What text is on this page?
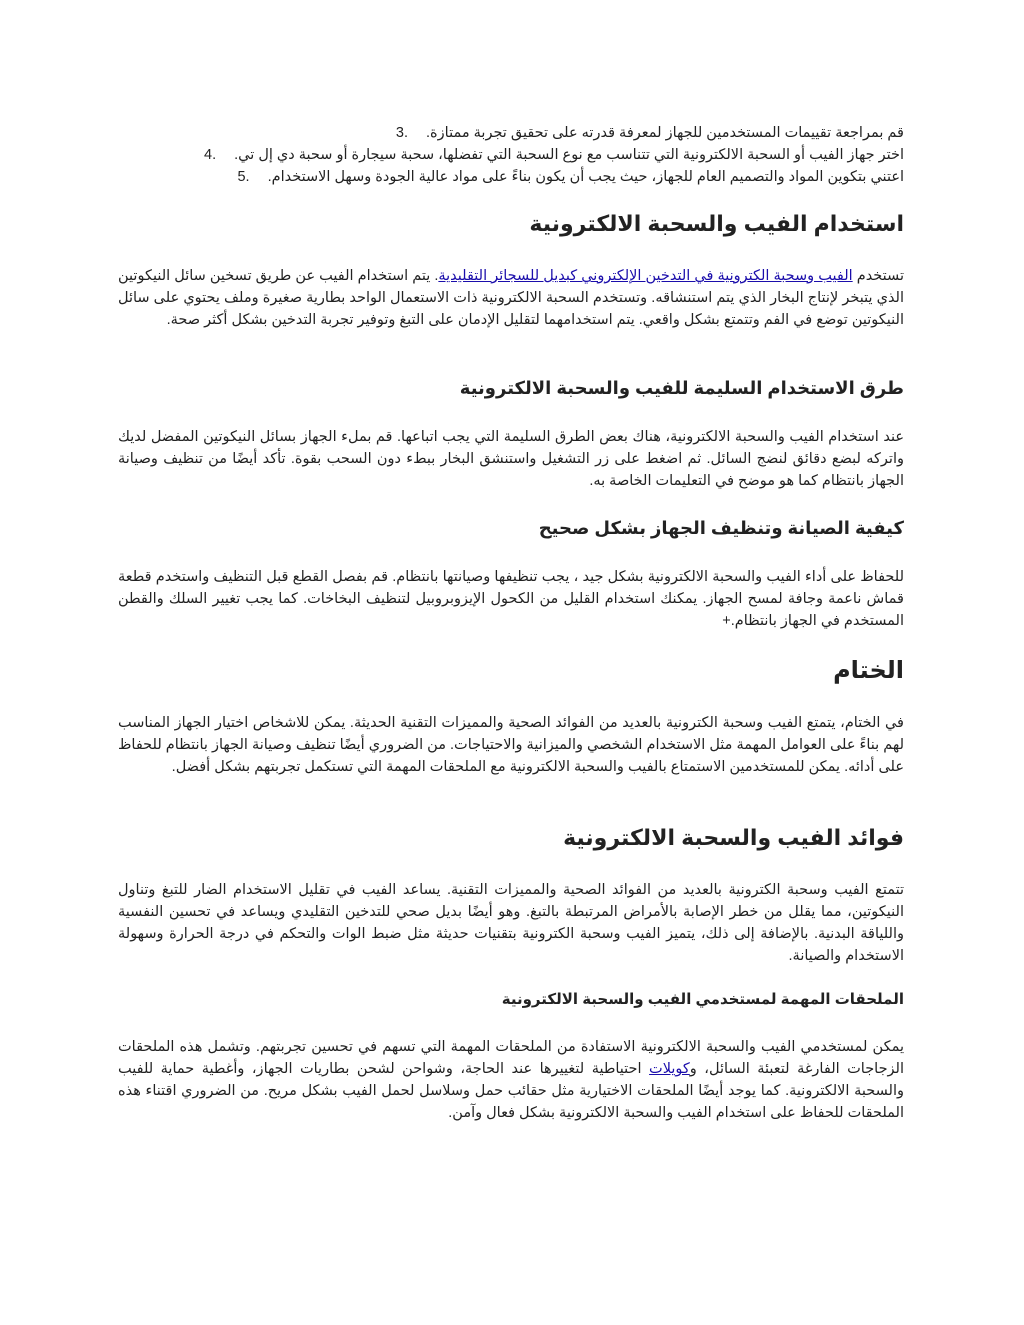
قم بمراجعة تقييمات المستخدمين للجهاز لمعرفة قدرته على تحقيق تجربة ممتازة. 3.
اختر جهاز الفيب أو السحبة الالكترونية التي تتناسب مع نوع السحبة التي تفضلها، سحبة سيجارة أو سحبة دي إل تي. 4.
اعتني بتكوين المواد والتصميم العام للجهاز، حيث يجب أن يكون بناءً على مواد عالية الجودة وسهل الاستخدام. 5.
استخدام الفيب والسحبة الالكترونية

تستخدم الفيب وسحبة الكترونية في التدخين الإلكتروني كبديل للسجائر التقليدية. يتم استخدام الفيب عن طريق تسخين سائل النيكوتين الذي يتبخر لإنتاج البخار الذي يتم استنشاقه. وتستخدم السحبة الالكترونية ذات الاستعمال الواحد بطارية صغيرة وملف يحتوي على سائل النيكوتين توضع في الفم وتتمتع بشكل واقعي. يتم استخدامهما لتقليل الإدمان على التبغ وتوفير تجربة التدخين بشكل أكثر صحة.

طرق الاستخدام السليمة للفيب والسحبة الالكترونية

عند استخدام الفيب والسحبة الالكترونية، هناك بعض الطرق السليمة التي يجب اتباعها. قم بملء الجهاز بسائل النيكوتين المفضل لديك واتركه لبضع دقائق لنضج السائل. ثم اضغط على زر التشغيل واستنشق البخار ببطء دون السحب بقوة. تأكد أيضًا من تنظيف وصيانة الجهاز بانتظام كما هو موضح في التعليمات الخاصة به.

كيفية الصيانة وتنظيف الجهاز بشكل صحيح

للحفاظ على أداء الفيب والسحبة الالكترونية بشكل جيد ، يجب تنظيفها وصيانتها بانتظام. قم بفصل القطع قبل التنظيف واستخدم قطعة قماش ناعمة وجافة لمسح الجهاز. يمكنك استخدام القليل من الكحول الإيزوبروبيل لتنظيف البخاخات. كما يجب تغيير السلك والقطن المستخدم في الجهاز بانتظام.+

الختام

في الختام، يتمتع الفيب وسحبة الكترونية بالعديد من الفوائد الصحية والمميزات التقنية الحديثة. يمكن للاشخاص اختيار الجهاز المناسب لهم بناءً على العوامل المهمة مثل الاستخدام الشخصي والميزانية والاحتياجات. من الضروري أيضًا تنظيف وصيانة الجهاز بانتظام للحفاظ على أدائه. يمكن للمستخدمين الاستمتاع بالفيب والسحبة الالكترونية مع الملحقات المهمة التي تستكمل تجربتهم بشكل أفضل.

فوائد الفيب والسحبة الالكترونية

تتمتع الفيب وسحبة الكترونية بالعديد من الفوائد الصحية والمميزات التقنية. يساعد الفيب في تقليل الاستخدام الضار للتبغ وتناول النيكوتين، مما يقلل من خطر الإصابة بالأمراض المرتبطة بالتبغ. وهو أيضًا بديل صحي للتدخين التقليدي ويساعد في تحسين النفسية واللياقة البدنية. بالإضافة إلى ذلك، يتميز الفيب وسحبة الكترونية بتقنيات حديثة مثل ضبط الوات والتحكم في درجة الحرارة وسهولة الاستخدام والصيانة.

الملحقات المهمة لمستخدمي الفيب والسحبة الالكترونية

يمكن لمستخدمي الفيب والسحبة الالكترونية الاستفادة من الملحقات المهمة التي تسهم في تحسين تجربتهم. وتشمل هذه الملحقات الزجاجات الفارغة لتعبئة السائل، وكويلات احتياطية لتغييرها عند الحاجة، وشواحن لشحن بطاريات الجهاز، وأغطية حماية للفيب والسحبة الالكترونية. كما يوجد أيضًا الملحقات الاختيارية مثل حقائب حمل وسلاسل لحمل الفيب بشكل مريح. من الضروري اقتناء هذه الملحقات للحفاظ على استخدام الفيب والسحبة الالكترونية بشكل فعال وآمن.
